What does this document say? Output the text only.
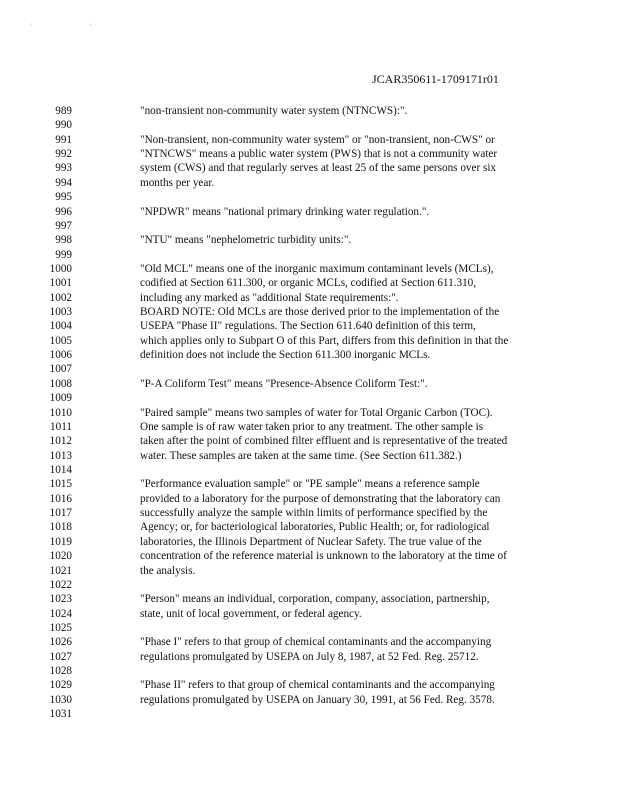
' '
JCAR350611-1709171r01
989	"non-transient non-community water system (NTNCWS):".
990
991	"Non-transient, non-community water system" or "non-transient, non-CWS" or
992	"NTNCWS" means a public water system (PWS) that is not a community water
993	system (CWS) and that regularly serves at least 25 of the same persons over six
994	months per year.
995
996	"NPDWR" means "national primary drinking water regulation.".
997
998	"NTU" means "nephelometric turbidity units:".
999
1000	"Old MCL" means one of the inorganic maximum contaminant levels (MCLs),
1001	codified at Section 611.300, or organic MCLs, codified at Section 611.310,
1002	including any marked as "additional State requirements:".
1003	BOARD NOTE: Old MCLs are those derived prior to the implementation of the
1004	USEPA "Phase II" regulations. The Section 611.640 definition of this term,
1005	which applies only to Subpart O of this Part, differs from this definition in that the
1006	definition does not include the Section 611.300 inorganic MCLs.
1007
1008	"P-A Coliform Test" means "Presence-Absence Coliform Test:".
1009
1010	"Paired sample" means two samples of water for Total Organic Carbon (TOC).
1011	One sample is of raw water taken prior to any treatment. The other sample is
1012	taken after the point of combined filter effluent and is representative of the treated
1013	water. These samples are taken at the same time. (See Section 611.382.)
1014
1015	"Performance evaluation sample" or "PE sample" means a reference sample
1016	provided to a laboratory for the purpose of demonstrating that the laboratory can
1017	successfully analyze the sample within limits of performance specified by the
1018	Agency; or, for bacteriological laboratories, Public Health; or, for radiological
1019	laboratories, the Illinois Department of Nuclear Safety. The true value of the
1020	concentration of the reference material is unknown to the laboratory at the time of
1021	the analysis.
1022
1023	"Person" means an individual, corporation, company, association, partnership,
1024	state, unit of local government, or federal agency.
1025
1026	"Phase I" refers to that group of chemical contaminants and the accompanying
1027	regulations promulgated by USEPA on July 8, 1987, at 52 Fed. Reg. 25712.
1028
1029	"Phase II" refers to that group of chemical contaminants and the accompanying
1030	regulations promulgated by USEPA on January 30, 1991, at 56 Fed. Reg. 3578.
1031
